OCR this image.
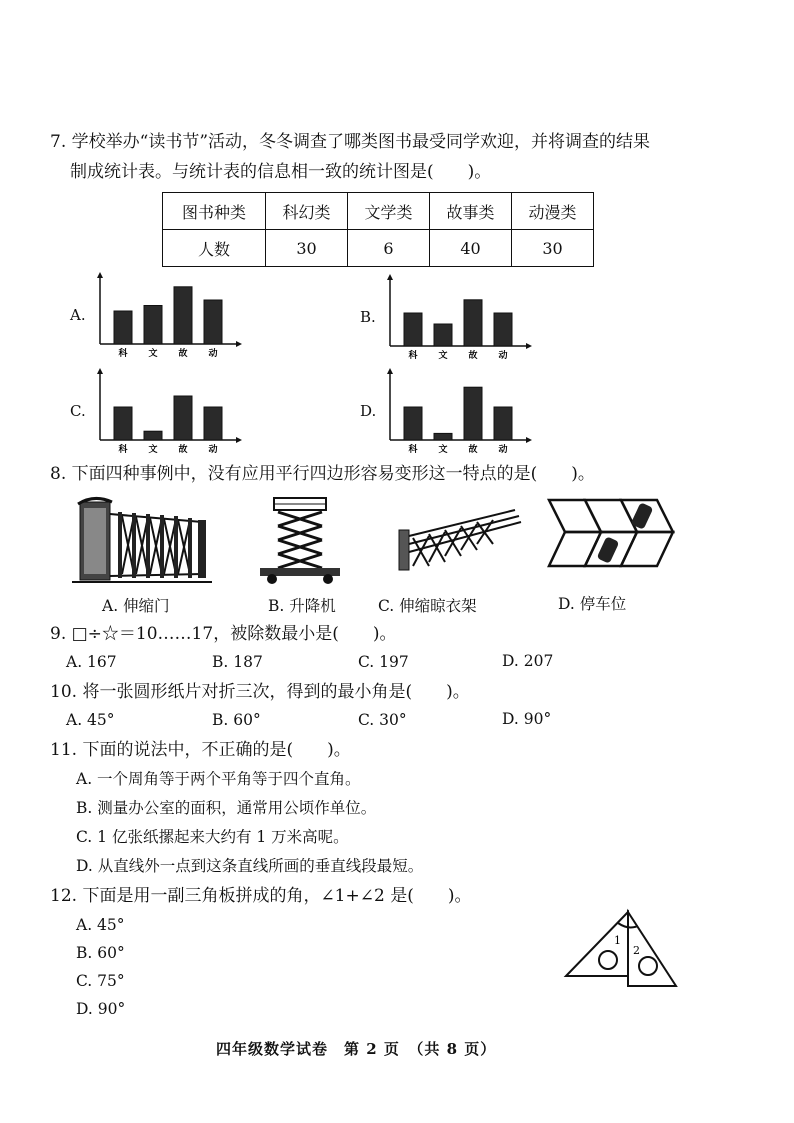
7. 学校举办“读书节”活动，冬冬调查了哪类图书最受同学欢迎，并将调查的结果
制成统计表。与统计表的信息相一致的统计图是(　　)。
图书种类	科幻类	文学类	故事类	动漫类
人数	30	6	40	30
A.	B.
C.	D.
科 文 故 动	科 文 故 动
科 文 故 动	科 文 故 动
8. 下面四种事例中，没有应用平行四边形容易变形这一特点的是(　　)。
A. 伸缩门	B. 升降机	C. 伸缩晾衣架	D. 停车位
9. □÷☆＝10……17，被除数最小是(　　)。
A. 167	B. 187	C. 197	D. 207
10. 将一张圆形纸片对折三次，得到的最小角是(　　)。
A. 45°	B. 60°	C. 30°	D. 90°
11. 下面的说法中，不正确的是(　　)。
A. 一个周角等于两个平角等于四个直角。
B. 测量办公室的面积，通常用公顷作单位。
C. 1 亿张纸摞起来大约有 1 万米高呢。
D. 从直线外一点到这条直线所画的垂直线段最短。
12. 下面是用一副三角板拼成的角，∠1+∠2 是(　　)。
A. 45°
B. 60°
C. 75°
D. 90°
1
2
四年级数学试卷　第 2 页　（共 8 页）
